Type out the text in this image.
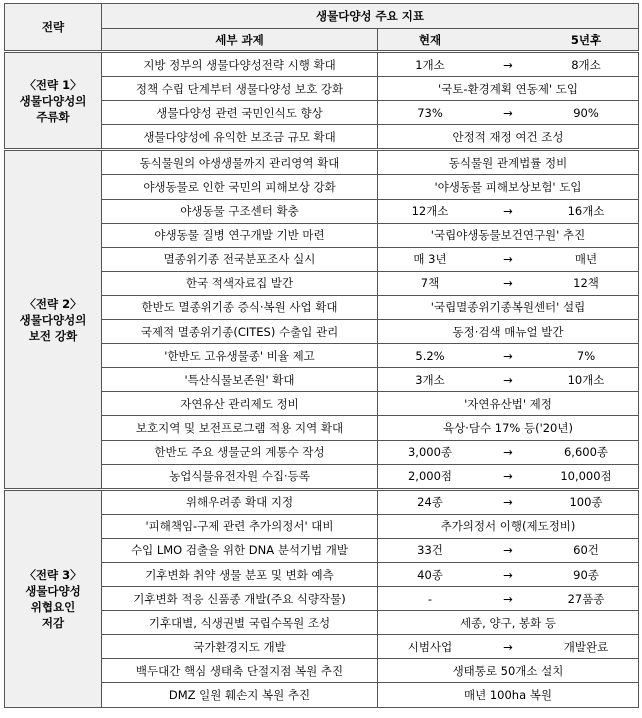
전략	생물다양성 주요 지표	
	세부 과제	현재 5년후

〈전략 1〉
생물다양성의
주류화	지방 정부의 생물다양성전략 시행 확대	1개소 → 8개소

	정책 수립 단계부터 생물다양성 보호 강화	'국토-환경계획 연동제' 도입
	생물다양성 관련 국민인식도 향상	73% → 90%

	생물다양성에 유익한 보조금 규모 확대	안정적 재정 여건 조성

〈전략 2〉
생물다양성의
보전 강화	동식물원의 야생생물까지 관리영역 확대	동식물원 관계법률 정비
	야생동물로 인한 국민의 피해보상 강화	'야생동물 피해보상보험' 도입
	야생동물 구조센터 확충	12개소 → 16개소

	야생동물 질병 연구개발 기반 마련	'국립야생동물보건연구원' 추진
	멸종위기종 전국분포조사 실시	매 3년 → 매년

	한국 적색자료집 발간	7책 → 12책

	한반도 멸종위기종 증식·복원 사업 확대	'국립멸종위기종복원센터' 설립
	국제적 멸종위기종(CITES) 수출입 관리	동정·검색 매뉴얼 발간
	'한반도 고유생물종' 비율 제고	5.2% → 7%

	'특산식물보존원' 확대	3개소 → 10개소

	자연유산 관리제도 정비	'자연유산법' 제정
	보호지역 및 보전프로그램 적용 지역 확대	육상·담수 17% 등('20년)
	한반도 주요 생물군의 계통수 작성	3,000종 → 6,600종

	농업식물유전자원 수집·등록	2,000점 → 10,000점

〈전략 3〉
생물다양성
위협요인
저감	위해우려종 확대 지정	24종 → 100종

	'피해책임-구제 관련 추가의정서' 대비	추가의정서 이행(제도정비)
	수입 LMO 검출을 위한 DNA 분석기법 개발	33건 → 60건

	기후변화 취약 생물 분포 및 변화 예측	40종 → 90종

	기후변화 적응 신품종 개발(주요 식량작물)	- → 27품종

	기후대별, 식생권별 국립수목원 조성	세종, 양구, 봉화 등
	국가환경지도 개발	시범사업 → 개발완료

	백두대간 핵심 생태축 단절지점 복원 추진	생태통로 50개소 설치
	DMZ 일원 훼손지 복원 추진	매년 100ha 복원
